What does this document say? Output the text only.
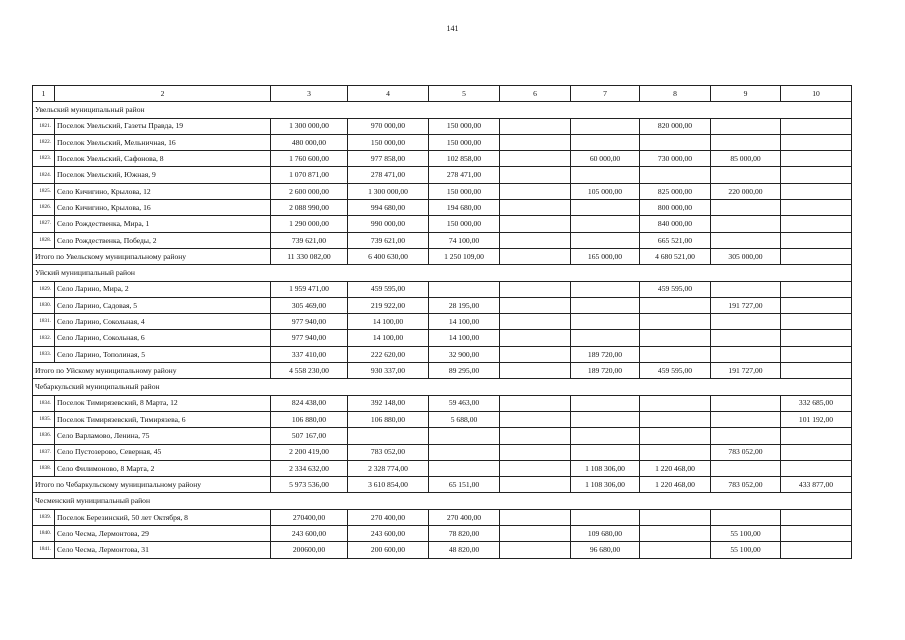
141
1	2	3	4	5	6	7	8	9	10
Увельский муниципальный район									
1821.	Поселок Увельский, Газеты Правда, 19	1 300 000,00	970 000,00	150 000,00			820 000,00		
1822.	Поселок Увельский, Мельничная, 16	480 000,00	150 000,00	150 000,00					
1823.	Поселок Увельский, Сафонова, 8	1 760 600,00	977 858,00	102 858,00		60 000,00	730 000,00	85 000,00	
1824.	Поселок Увельский, Южная, 9	1 070 871,00	278 471,00	278 471,00					
1825.	Село Кичигино, Крылова, 12	2 600 000,00	1 300 000,00	150 000,00		105 000,00	825 000,00	220 000,00	
1826.	Село Кичигино, Крылова, 16	2 088 990,00	994 680,00	194 680,00			800 000,00		
1827.	Село Рождественка, Мира, 1	1 290 000,00	990 000,00	150 000,00			840 000,00		
1828.	Село Рождественка, Победы, 2	739 621,00	739 621,00	74 100,00			665 521,00		
Итого по Увельскому муниципальному району		11 330 082,00	6 400 630,00	1 250 109,00		165 000,00	4 680 521,00	305 000,00	
Уйский муниципальный район									
1829.	Село Ларино, Мира, 2	1 959 471,00	459 595,00				459 595,00		
1830.	Село Ларино, Садовая, 5	305 469,00	219 922,00	28 195,00				191 727,00	
1831.	Село Ларино, Сокольная, 4	977 940,00	14 100,00	14 100,00					
1832.	Село Ларино, Сокольная, 6	977 940,00	14 100,00	14 100,00					
1833.	Село Ларино, Тополиная, 5	337 410,00	222 620,00	32 900,00		189 720,00			
Итого по Уйскому муниципальному району		4 558 230,00	930 337,00	89 295,00		189 720,00	459 595,00	191 727,00	
Чебаркульский муниципальный район									
1834.	Поселок Тимирязевский, 8 Марта, 12	824 438,00	392 148,00	59 463,00					332 685,00
1835.	Поселок Тимирязевский, Тимирязева, 6	106 880,00	106 880,00	5 688,00					101 192,00
1836.	Село Варламово, Ленина, 75	507 167,00							
1837.	Село Пустозерово, Северная, 45	2 200 419,00	783 052,00					783 052,00	
1838.	Село Филимоново, 8 Марта, 2	2 334 632,00	2 328 774,00			1 108 306,00	1 220 468,00		
Итого по Чебаркульскому муниципальному району		5 973 536,00	3 610 854,00	65 151,00		1 108 306,00	1 220 468,00	783 052,00	433 877,00
Чесменский муниципальный район									
1839.	Поселок Березинский, 50 лет Октября, 8	270400,00	270 400,00	270 400,00					
1840.	Село Чесма, Лермонтова, 29	243 600,00	243 600,00	78 820,00		109 680,00		55 100,00	
1841.	Село Чесма, Лермонтова, 31	200600,00	200 600,00	48 820,00		96 680,00		55 100,00	
